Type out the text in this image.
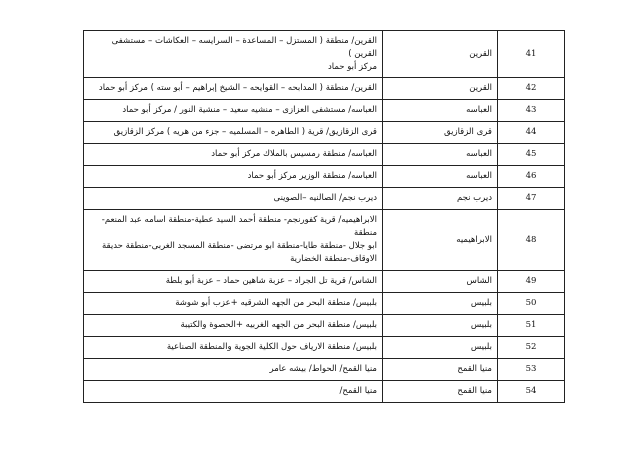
41	القرين	القرين/ منطقة ( المستزل – المساعدة – السرايسه – العكاشات – مستشفى القرين )
مركز أبو حماد

42	القرين	القرين/ منطقة ( المدابحه – القوايحه – الشيخ إبراهيم – أبو سته ) مركز أبو حماد

43	العباسه	العباسه/ مستشفى العزازى – منشيه سعيد – منشية النور / مركز أبو حماد

44	قرى الزقازيق	قرى الزقازيق/ قرية ( الطاهره – المسلميه – جزء من هريه ) مركز الزقازيق

45	العباسه	العباسه/ منطقة رمسيس بالملاك مركز أبو حماد

46	العباسه	العباسه/ منطقة الوزير مركز أبو حماد

47	ديرب نجم	ديرب نجم/ الصالنيه –الصوينى

48	الابراهيميه	الابراهيميه/ قرية كفورنجم- منطقة أحمد السيد عطية-منطقة اسامه عبد المنعم-منطقة
ابو جلال -منطقة طايا-منطقة ابو مرتضى -منطقة المسجد الغربى-منطقة حديقة
الاوقاف-منطقة الخضارية

49	الشاس	الشاس/ قرية تل الجراد – عزبة شاهين حماد – عزبة أبو بلطة

50	بلبيس	بلبيس/ منطقة البحر من الجهه الشرقيه +عزب أبو شوشة

51	بلبيس	بلبيس/ منطقة البحر من الجهه الغربيه +الحصوة والكتيبة

52	بلبيس	بلبيس/ منطقة الارياف حول الكلية الجوية والمنطقة الصناعية

53	منيا القمح	منيا القمح/ الحواط/ بيشه عامر

54	منيا القمح	منيا القمح/
